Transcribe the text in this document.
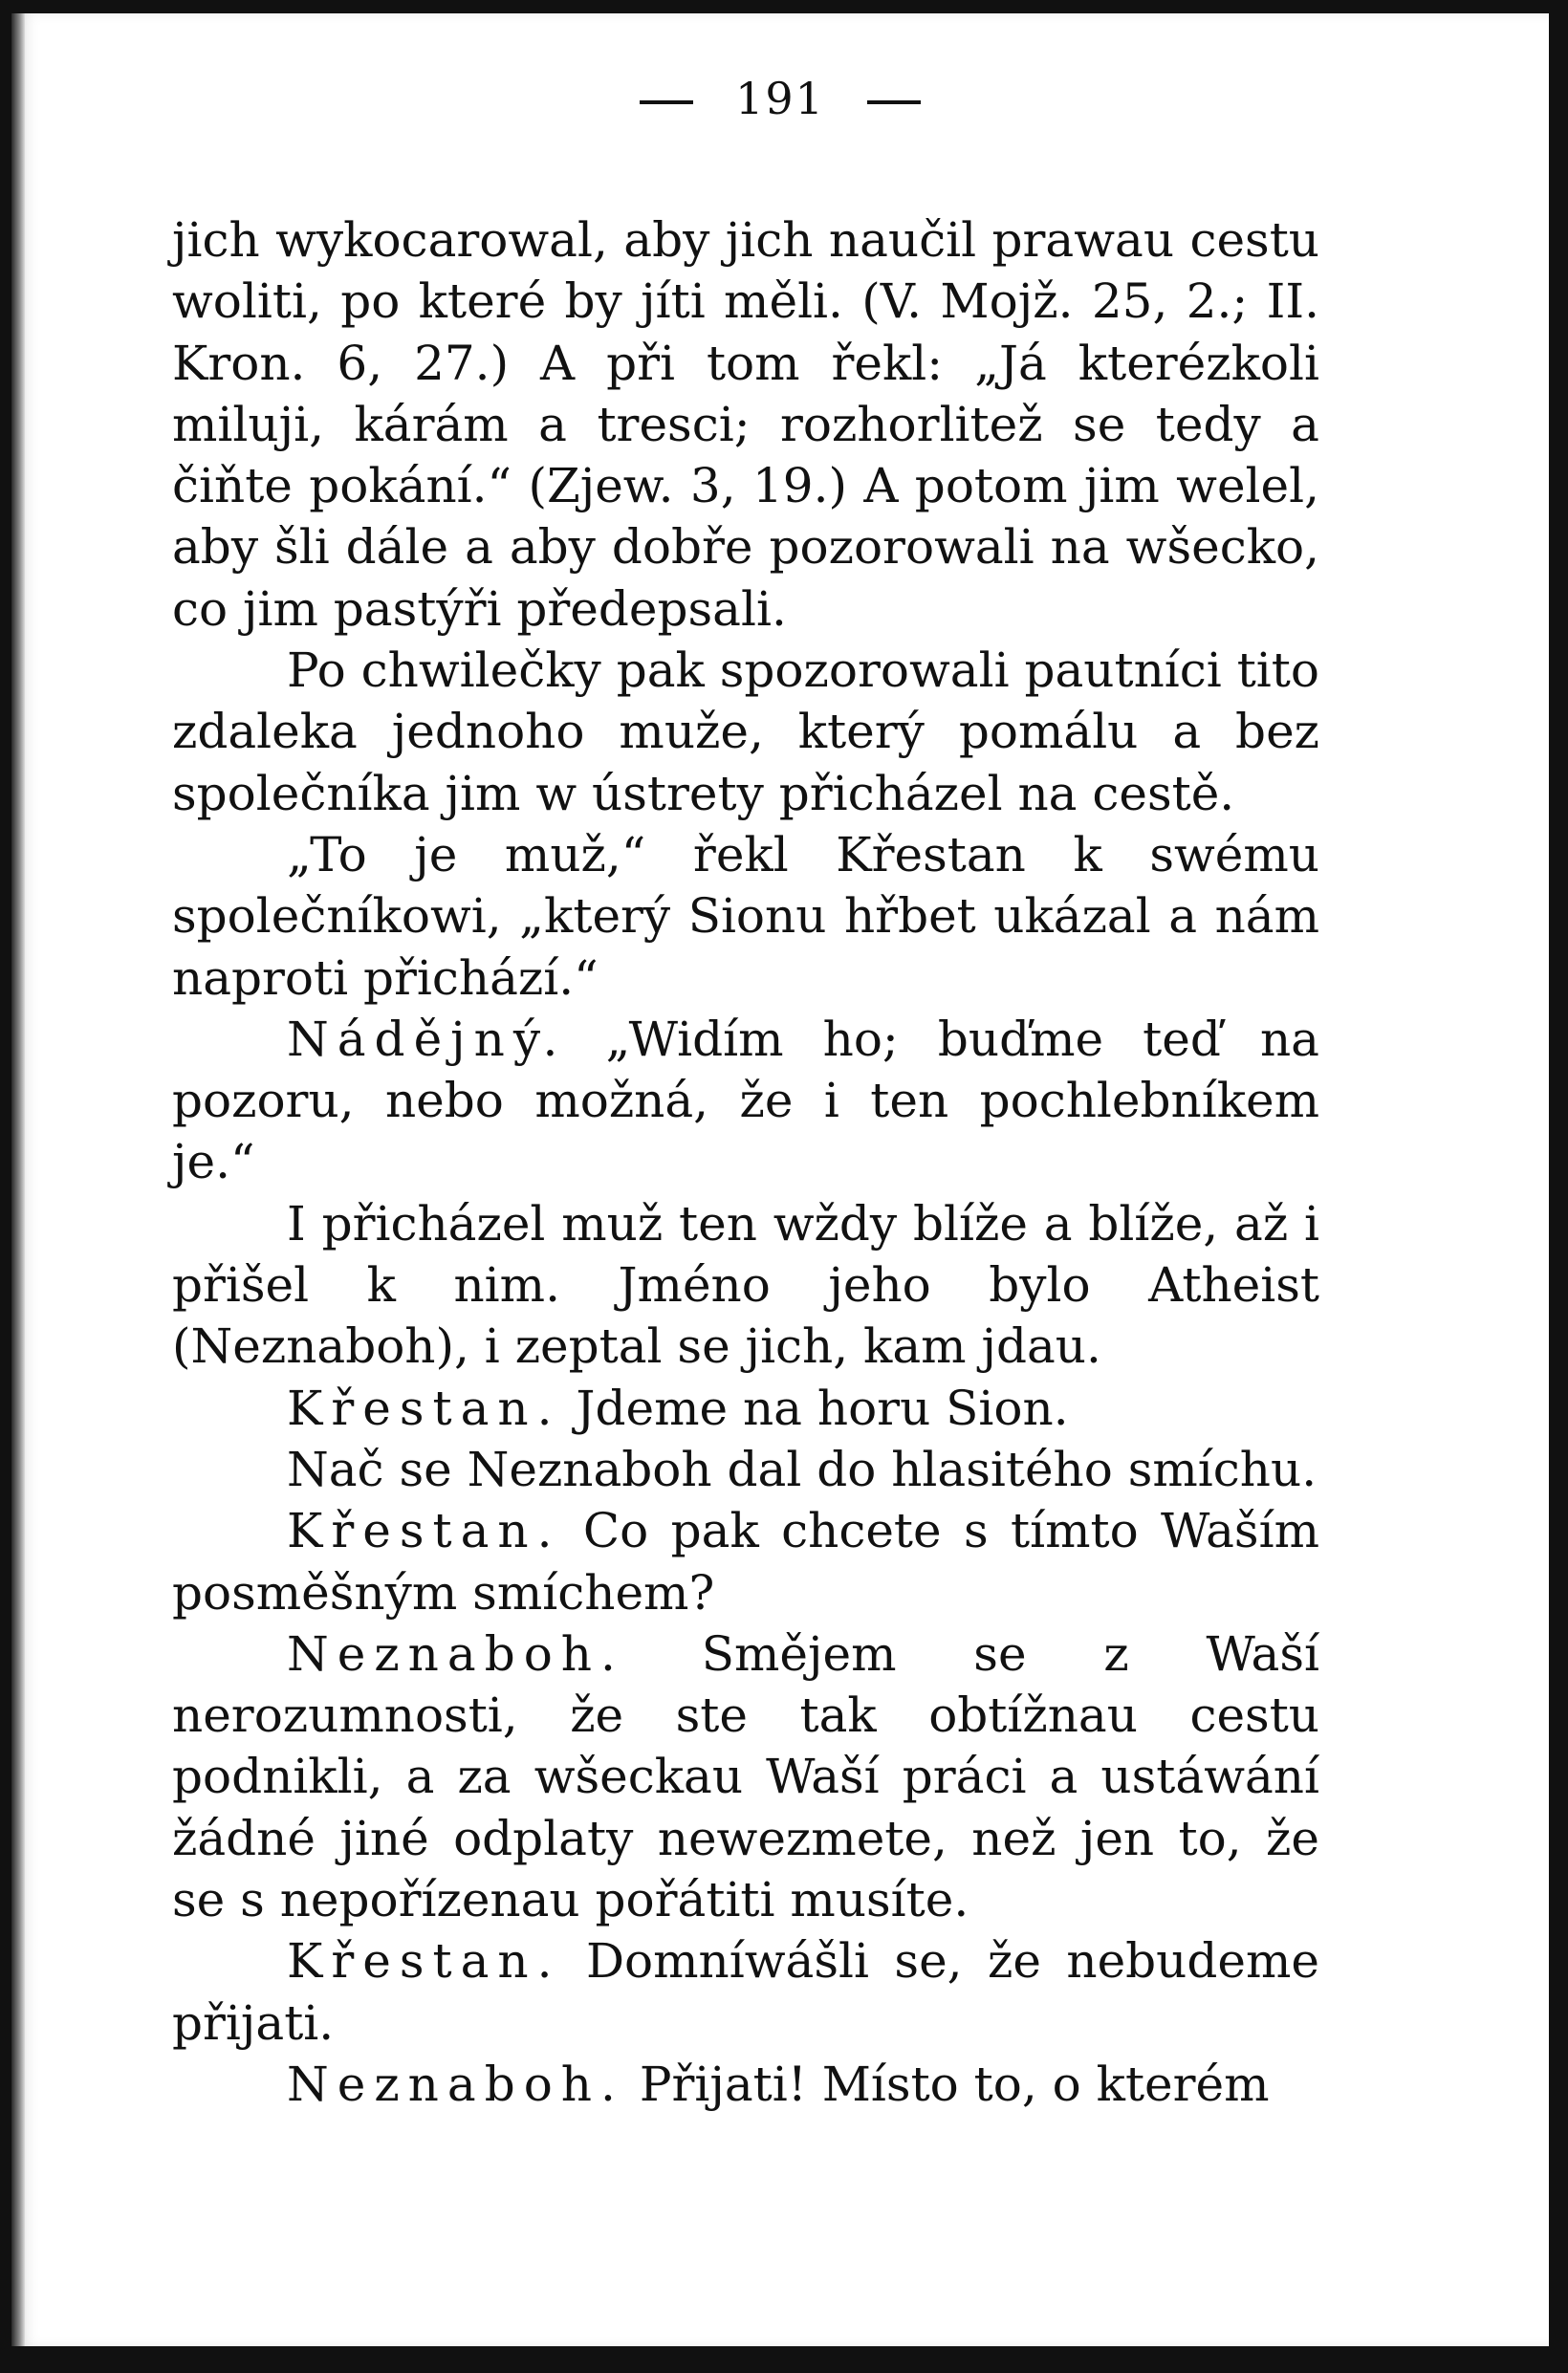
191

jich wykocarowal, aby jich naučil prawau cestu woliti, po které by jíti měli. (V. Mojž. 25, 2.; II. Kron. 6, 27.) A při tom řekl: „Já kterézkoli miluji, kárám a tresci; rozhorlitež se tedy a čiňte pokání.“ (Zjew. 3, 19.) A potom jim welel, aby šli dále a aby dobře pozorowali na wšecko, co jim pastýři předepsali.

Po chwilečky pak spozorowali pautníci tito zdaleka jednoho muže, který pomálu a bez společníka jim w ústrety přicházel na cestě.

„To je muž,“ řekl Křestan k swému společníkowi, „který Sionu hřbet ukázal a nám naproti přichází.“

Nádějný. „Widím ho; buďme teď na pozoru, nebo možná, že i ten pochlebníkem je.“

I přicházel muž ten wždy blíže a blíže, až i přišel k nim. Jméno jeho bylo Atheist (Neznaboh), i zeptal se jich, kam jdau.

Křestan. Jdeme na horu Sion.

Nač se Neznaboh dal do hlasitého smíchu.

Křestan. Co pak chcete s tímto Waším posměšným smíchem?

Neznaboh. Smějem se z Waší nerozumnosti, že ste tak obtížnau cestu podnikli, a za wšeckau Waší práci a ustáwání žádné jiné odplaty newezmete, než jen to, že se s nepořízenau pořátiti musíte.

Křestan. Domníwášli se, že nebudeme přijati.

Neznaboh. Přijati! Místo to, o kterém
